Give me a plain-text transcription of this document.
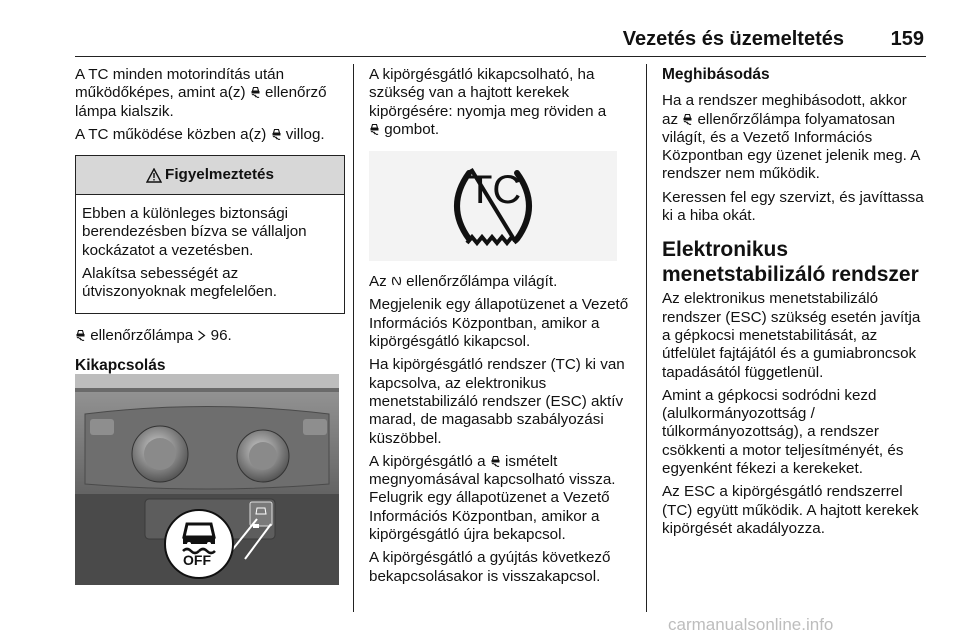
Vezetés és üzemeltetés 159

A TC minden motorindítás után
működőképes, amint a(z)  ellenőrző
lámpa kialszik.

A TC működése közben a(z)  villog.

Figyelmeztetés

Ebben a különleges biztonsági berendezésben bízva se vállaljon kockázatot a vezetésben.

Alakítsa sebességét az útviszonyoknak megfelelően.

ellenőrzőlámpa  96.

Kikapcsolás
OFF

A kipörgésgátló kikapcsolható, ha szükség van a hajtott kerekek kipörgésére: nyomja meg röviden a
gombot.

TC

Az  ellenőrzőlámpa világít.

Megjelenik egy állapotüzenet a Vezető Információs Központban, amikor a kipörgésgátló kikapcsol.

Ha kipörgésgátló rendszer (TC) ki van kapcsolva, az elektronikus menetstabilizáló rendszer (ESC) aktív marad, de magasabb szabályozási küszöbbel.

A kipörgésgátló a  ismételt megnyomásával kapcsolható vissza. Felugrik egy állapotüzenet a Vezető Információs Központban, amikor a kipörgésgátló újra bekapcsol.

A kipörgésgátló a gyújtás következő bekapcsolásakor is visszakapcsol.

Meghibásodás

Ha a rendszer meghibásodott, akkor az  ellenőrzőlámpa folyamatosan világít, és a Vezető Információs Központban egy üzenet jelenik meg. A rendszer nem működik.

Keressen fel egy szervizt, és javíttassa ki a hiba okát.

Elektronikus menetstabilizáló rendszer

Az elektronikus menetstabilizáló rendszer (ESC) szükség esetén javítja a gépkocsi menetstabilitását, az útfelület fajtájától és a gumiabroncsok tapadásától függetlenül.

Amint a gépkocsi sodródni kezd (alulkormányozottság / túlkormányozottság), a rendszer csökkenti a motor teljesítményét, és egyenként fékezi a kerekeket.

Az ESC a kipörgésgátló rendszerrel (TC) együtt működik. A hajtott kerekek kipörgését akadályozza.

carmanualsonline.info
